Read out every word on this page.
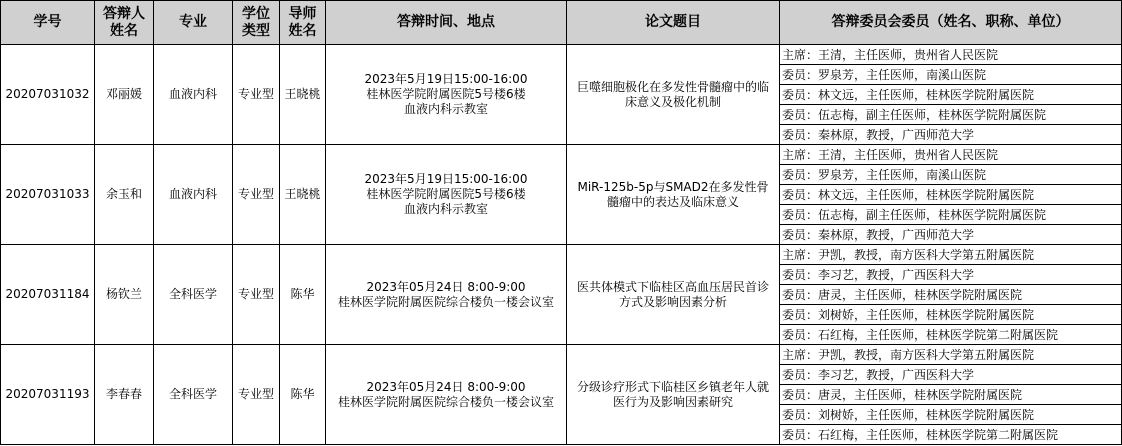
学号	答辩人姓名	专业	学位类型	导师姓名	答辩时间、地点	论文题目	答辩委员会委员（姓名、职称、单位）
20207031032	邓丽媛	血液内科	专业型	王晓桃	2023年5月19日15:00-16:00
桂林医学院附属医院5号楼6楼血液内科示教室	巨噬细胞极化在多发性骨髓瘤中的临床意义及极化机制	主席：王清，主任医师，贵州省人民医院
							委员：罗泉芳，主任医师，南溪山医院
							委员：林文远，主任医师，桂林医学院附属医院
							委员：伍志梅，副主任医师，桂林医学院附属医院
							委员：秦林原，教授，广西师范大学
20207031033	余玉和	血液内科	专业型	王晓桃	2023年5月19日15:00-16:00
桂林医学院附属医院5号楼6楼血液内科示教室	MiR-125b-5p与SMAD2在多发性骨髓瘤中的表达及临床意义	主席：王清，主任医师，贵州省人民医院
							委员：罗泉芳，主任医师，南溪山医院
							委员：林文远，主任医师，桂林医学院附属医院
							委员：伍志梅，副主任医师，桂林医学院附属医院
							委员：秦林原，教授，广西师范大学
20207031184	杨钦兰	全科医学	专业型	陈华	2023年05月24日 8:00-9:00
桂林医学院附属医院综合楼负一楼会议室	医共体模式下临桂区高血压居民首诊方式及影响因素分析	主席：尹凯，教授，南方医科大学第五附属医院
							委员：李习艺，教授，广西医科大学
							委员：唐灵，主任医师，桂林医学院附属医院
							委员：刘树娇，主任医师，桂林医学院附属医院
							委员：石红梅，主任医师，桂林医学院第二附属医院
20207031193	李春春	全科医学	专业型	陈华	2023年05月24日 8:00-9:00
桂林医学院附属医院综合楼负一楼会议室	分级诊疗形式下临桂区乡镇老年人就医行为及影响因素研究	主席：尹凯，教授，南方医科大学第五附属医院
							委员：李习艺，教授，广西医科大学
							委员：唐灵，主任医师，桂林医学院附属医院
							委员：刘树娇，主任医师，桂林医学院附属医院
							委员：石红梅，主任医师，桂林医学院第二附属医院
